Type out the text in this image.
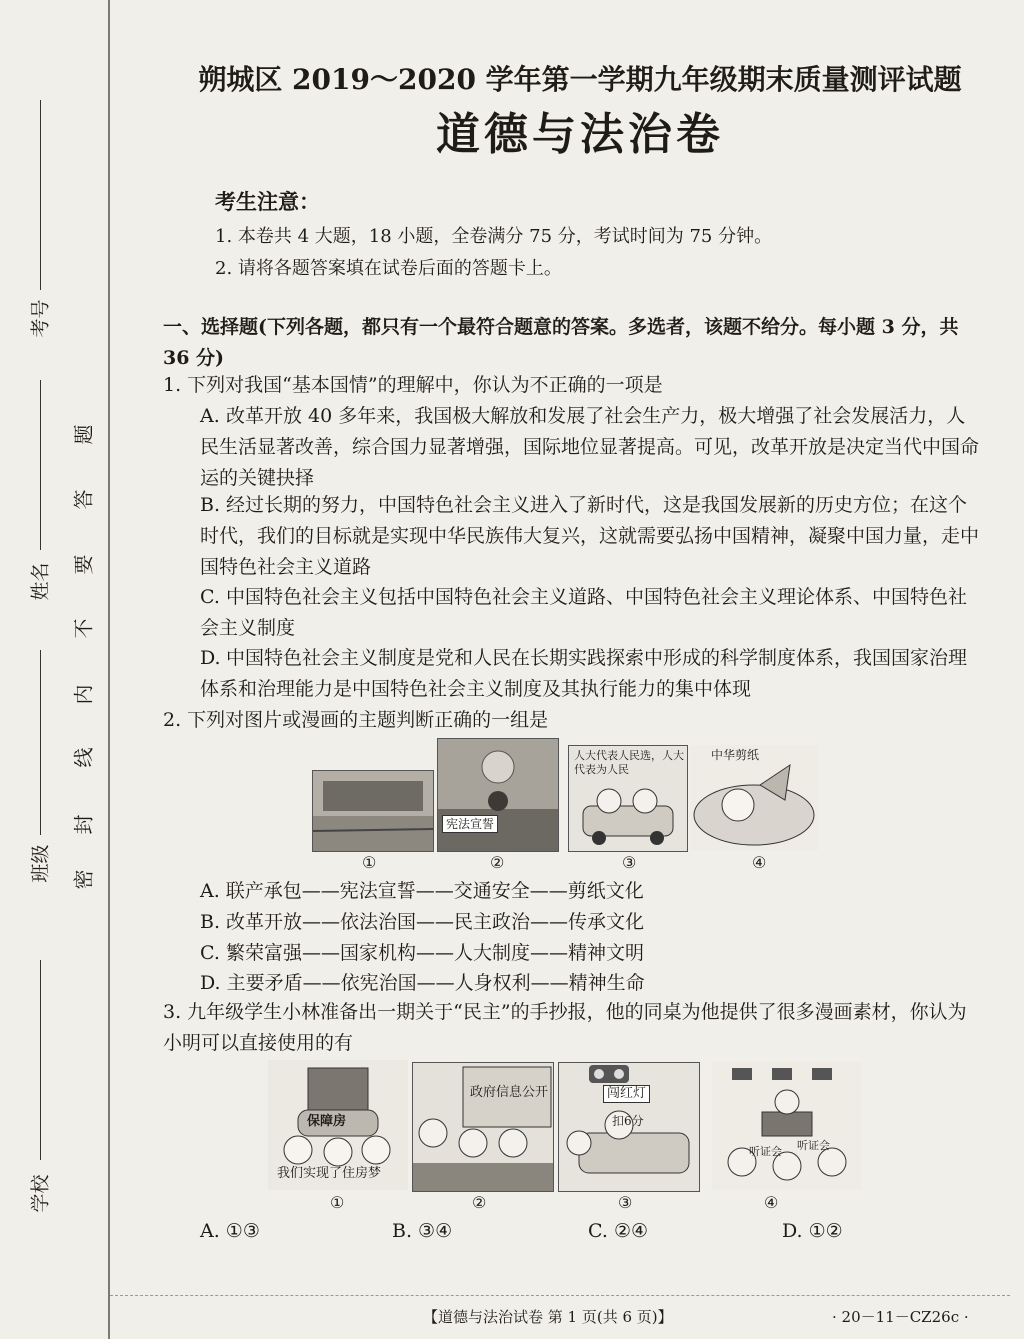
学校
班级
姓名
考号
密
封
线
内
不
要
答
题
朔城区 2019～2020 学年第一学期九年级期末质量测评试题
道德与法治卷
考生注意：
1. 本卷共 4 大题，18 小题，全卷满分 75 分，考试时间为 75 分钟。
2. 请将各题答案填在试卷后面的答题卡上。
一、选择题(下列各题，都只有一个最符合题意的答案。多选者，该题不给分。每小题 3 分，共 36 分)
1. 下列对我国“基本国情”的理解中，你认为不正确的一项是
A. 改革开放 40 多年来，我国极大解放和发展了社会生产力，极大增强了社会发展活力，人民生活显著改善，综合国力显著增强，国际地位显著提高。可见，改革开放是决定当代中国命运的关键抉择
B. 经过长期的努力，中国特色社会主义进入了新时代，这是我国发展新的历史方位；在这个时代，我们的目标就是实现中华民族伟大复兴，这就需要弘扬中国精神，凝聚中国力量，走中国特色社会主义道路
C. 中国特色社会主义包括中国特色社会主义道路、中国特色社会主义理论体系、中国特色社会主义制度
D. 中国特色社会主义制度是党和人民在长期实践探索中形成的科学制度体系，我国国家治理体系和治理能力是中国特色社会主义制度及其执行能力的集中体现
2. 下列对图片或漫画的主题判断正确的一组是
①
宪法宣誓
②
人大代表人民选，人大代表为人民
③
中华剪纸
④
A. 联产承包——宪法宣誓——交通安全——剪纸文化
B. 改革开放——依法治国——民主政治——传承文化
C. 繁荣富强——国家机构——人大制度——精神文明
D. 主要矛盾——依宪治国——人身权利——精神生命
3. 九年级学生小林准备出一期关于“民主”的手抄报，他的同桌为他提供了很多漫画素材，你认为小明可以直接使用的有
保障房
我们实现了住房梦
①
政府信息公开
②
闯红灯
扣6分
③
听证会 听证会
④
A. ①③	B. ③④	C. ②④	D. ①②
【道德与法治试卷 第 1 页(共 6 页)】	· 20－11－CZ26c ·
